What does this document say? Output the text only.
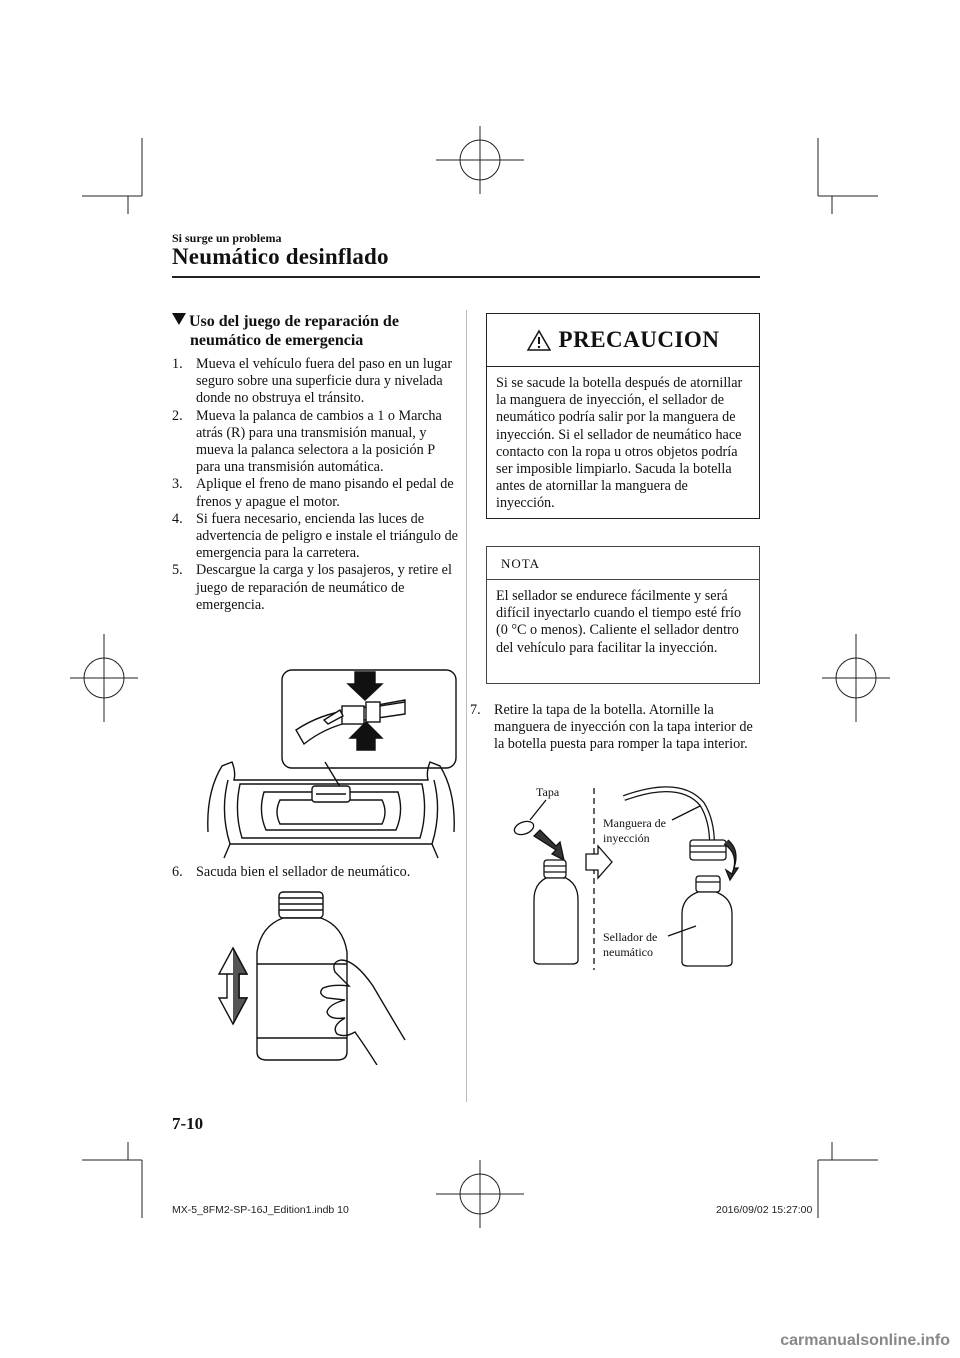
Si surge un problema
Neumático desinflado
Uso del juego de reparación de
neumático de emergencia
1. Mueva el vehículo fuera del paso en un lugar seguro sobre una superficie dura y nivelada donde no obstruya el tránsito.
2. Mueva la palanca de cambios a 1 o Marcha atrás (R) para una transmisión manual, y mueva la palanca selectora a la posición P para una transmisión automática.
3. Aplique el freno de mano pisando el pedal de frenos y apague el motor.
4. Si fuera necesario, encienda las luces de advertencia de peligro e instale el triángulo de emergencia para la carretera.
5. Descargue la carga y los pasajeros, y retire el juego de reparación de neumático de emergencia.
6. Sacuda bien el sellador de neumático.
PRECAUCION
Si se sacude la botella después de atornillar la manguera de inyección, el sellador de neumático podría salir por la manguera de inyección. Si el sellador de neumático hace contacto con la ropa u otros objetos podría ser imposible limpiarlo. Sacuda la botella antes de atornillar la manguera de inyección.
NOTA
El sellador se endurece fácilmente y será difícil inyectarlo cuando el tiempo esté frío (0 °C o menos). Caliente el sellador dentro del vehículo para facilitar la inyección.
7. Retire la tapa de la botella. Atornille la manguera de inyección con la tapa interior de la botella puesta para romper la tapa interior.
Tapa
Manguera de
inyección
Sellador de
neumático
7-10
MX-5_8FM2-SP-16J_Edition1.indb 10	2016/09/02 15:27:00
carmanualsonline.info
